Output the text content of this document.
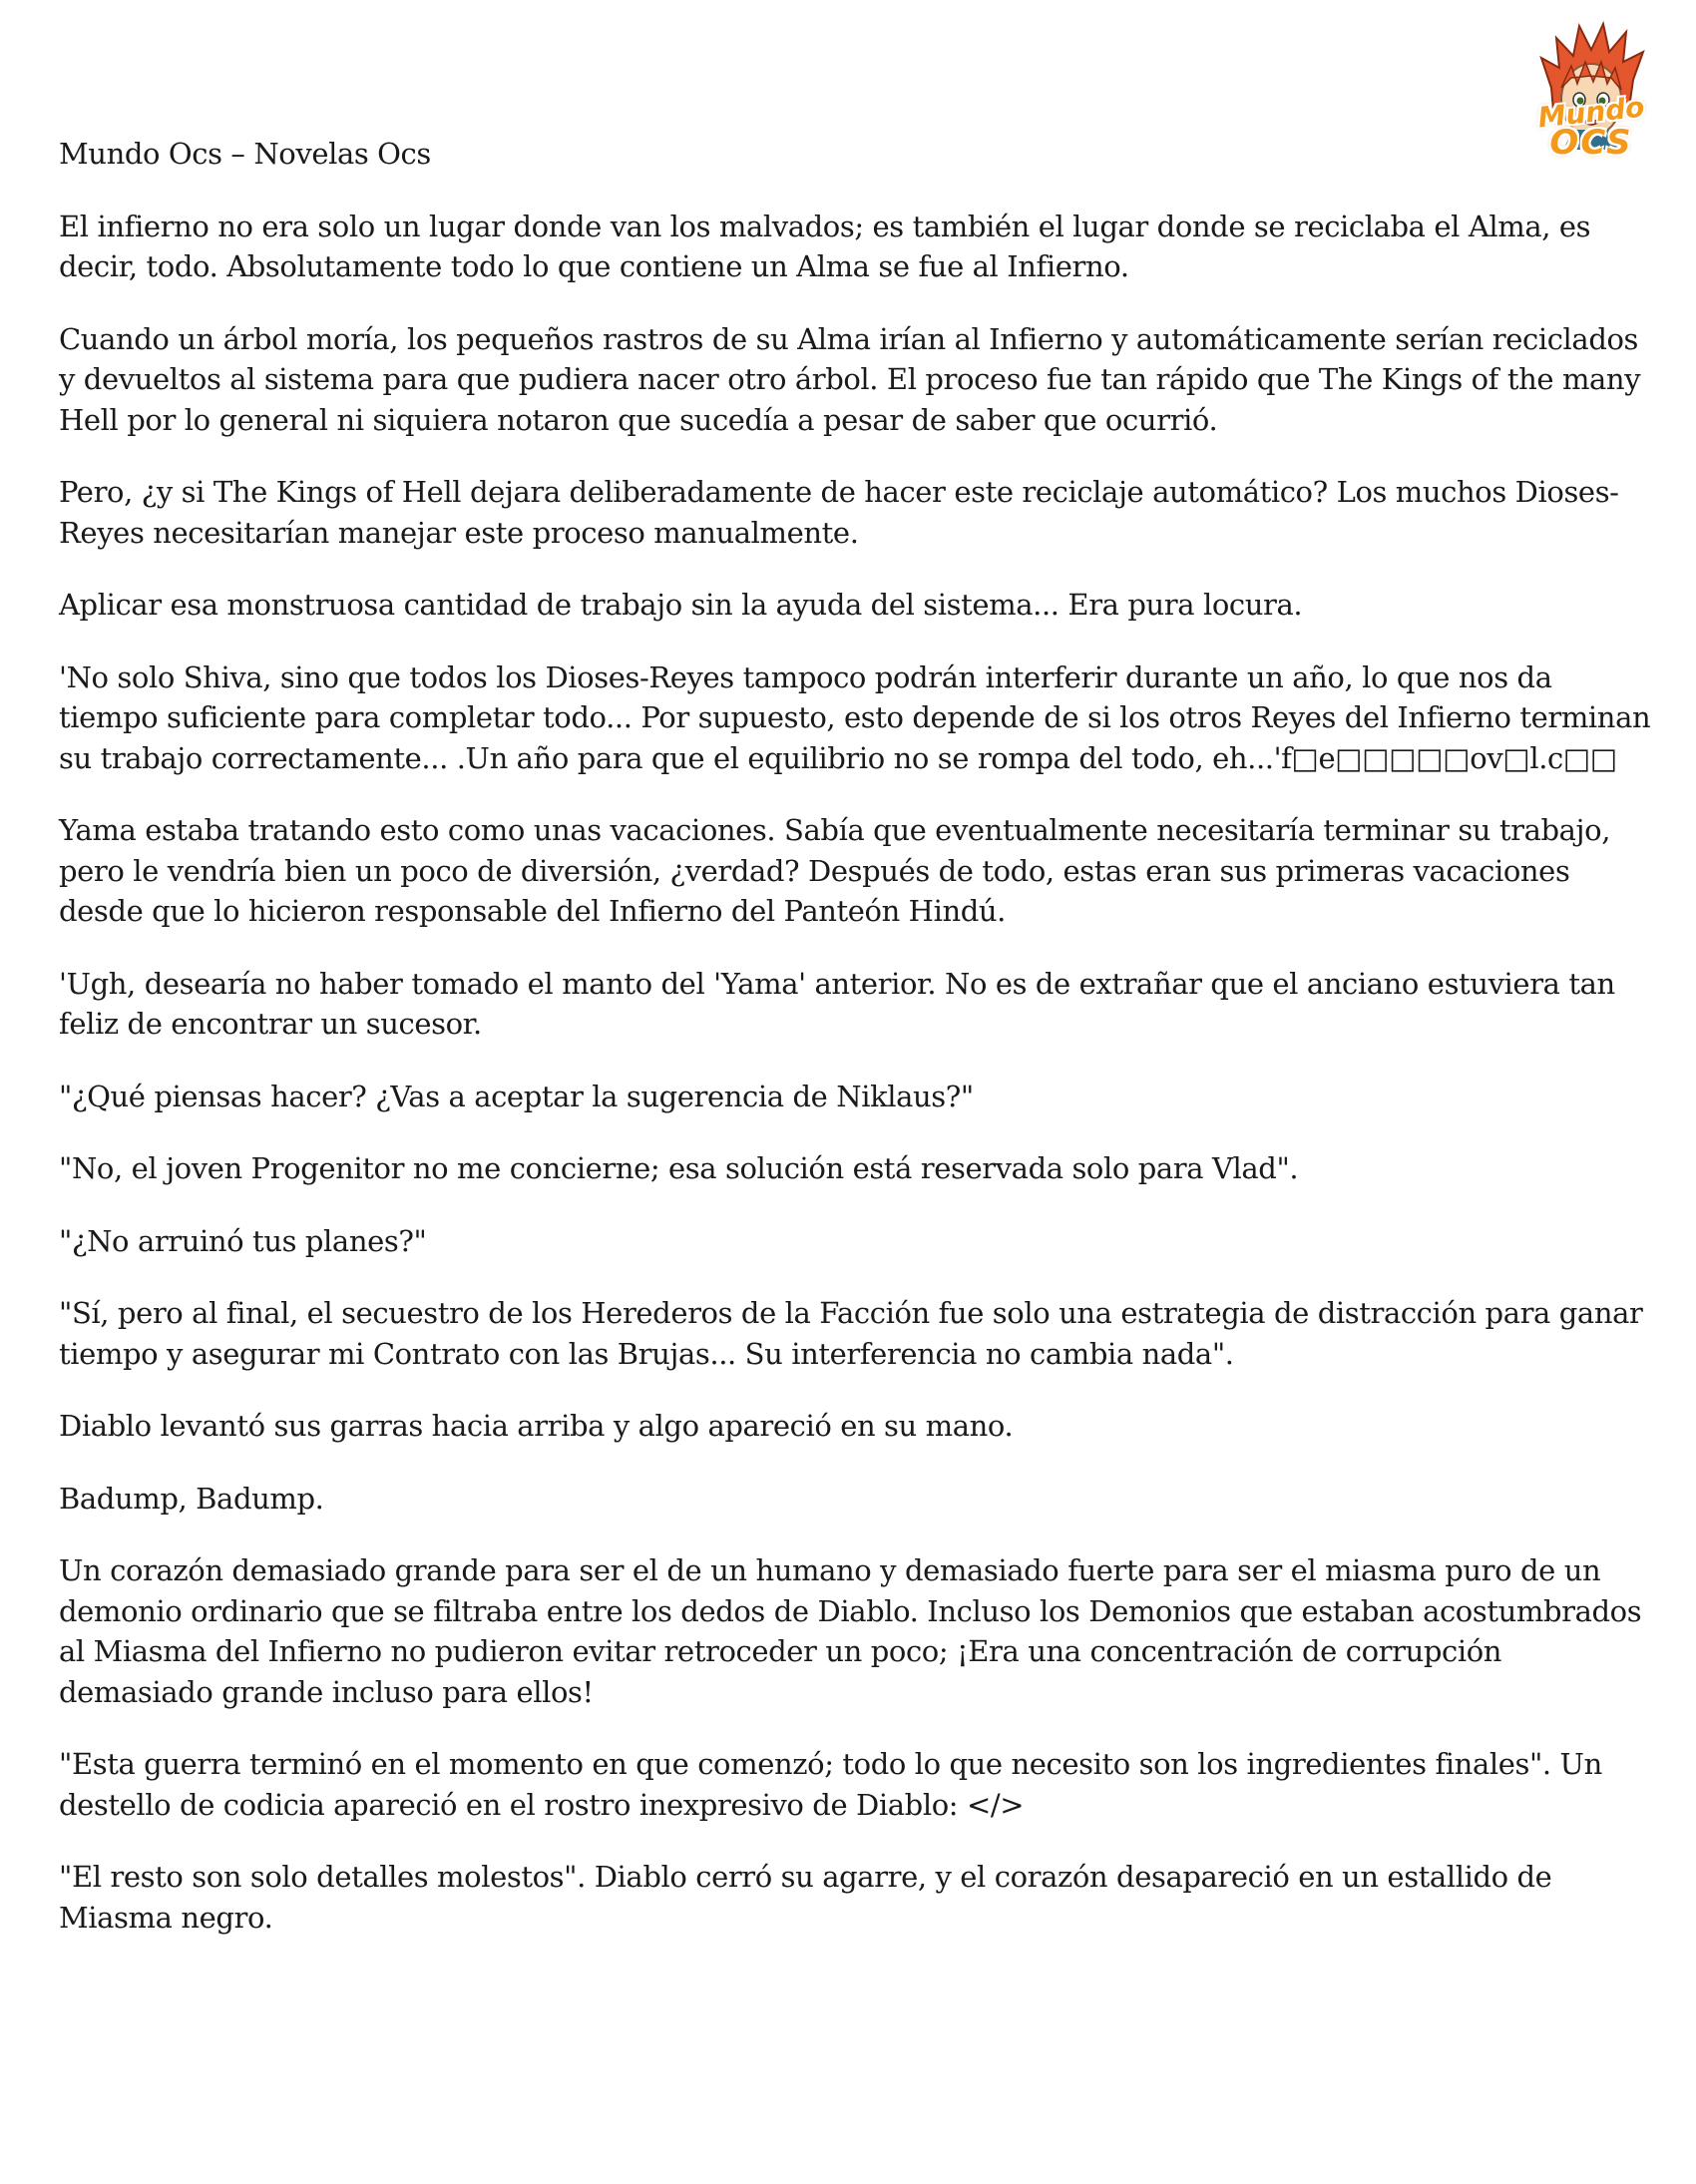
Mundo
OCS
Mundo Ocs – Novelas Ocs

El infierno no era solo un lugar donde van los malvados; es también el lugar donde se reciclaba el Alma, es decir, todo. Absolutamente todo lo que contiene un Alma se fue al Infierno.

Cuando un árbol moría, los pequeños rastros de su Alma irían al Infierno y automáticamente serían reciclados y devueltos al sistema para que pudiera nacer otro árbol. El proceso fue tan rápido que The Kings of the many Hell por lo general ni siquiera notaron que sucedía a pesar de saber que ocurrió.

Pero, ¿y si The Kings of Hell dejara deliberadamente de hacer este reciclaje automático? Los muchos Dioses-Reyes necesitarían manejar este proceso manualmente.

Aplicar esa monstruosa cantidad de trabajo sin la ayuda del sistema... Era pura locura.

'No solo Shiva, sino que todos los Dioses-Reyes tampoco podrán interferir durante un año, lo que nos da tiempo suficiente para completar todo... Por supuesto, esto depende de si los otros Reyes del Infierno terminan su trabajo correctamente... .Un año para que el equilibrio no se rompa del todo, eh...'f□e□□□□□ov□l.c□□

Yama estaba tratando esto como unas vacaciones. Sabía que eventualmente necesitaría terminar su trabajo, pero le vendría bien un poco de diversión, ¿verdad? Después de todo, estas eran sus primeras vacaciones desde que lo hicieron responsable del Infierno del Panteón Hindú.

'Ugh, desearía no haber tomado el manto del 'Yama' anterior. No es de extrañar que el anciano estuviera tan feliz de encontrar un sucesor.

"¿Qué piensas hacer? ¿Vas a aceptar la sugerencia de Niklaus?"

"No, el joven Progenitor no me concierne; esa solución está reservada solo para Vlad".

"¿No arruinó tus planes?"

"Sí, pero al final, el secuestro de los Herederos de la Facción fue solo una estrategia de distracción para ganar tiempo y asegurar mi Contrato con las Brujas... Su interferencia no cambia nada".

Diablo levantó sus garras hacia arriba y algo apareció en su mano.

Badump, Badump.

Un corazón demasiado grande para ser el de un humano y demasiado fuerte para ser el miasma puro de un demonio ordinario que se filtraba entre los dedos de Diablo. Incluso los Demonios que estaban acostumbrados al Miasma del Infierno no pudieron evitar retroceder un poco; ¡Era una concentración de corrupción demasiado grande incluso para ellos!

"Esta guerra terminó en el momento en que comenzó; todo lo que necesito son los ingredientes finales". Un destello de codicia apareció en el rostro inexpresivo de Diablo: </>

"El resto son solo detalles molestos". Diablo cerró su agarre, y el corazón desapareció en un estallido de Miasma negro.
